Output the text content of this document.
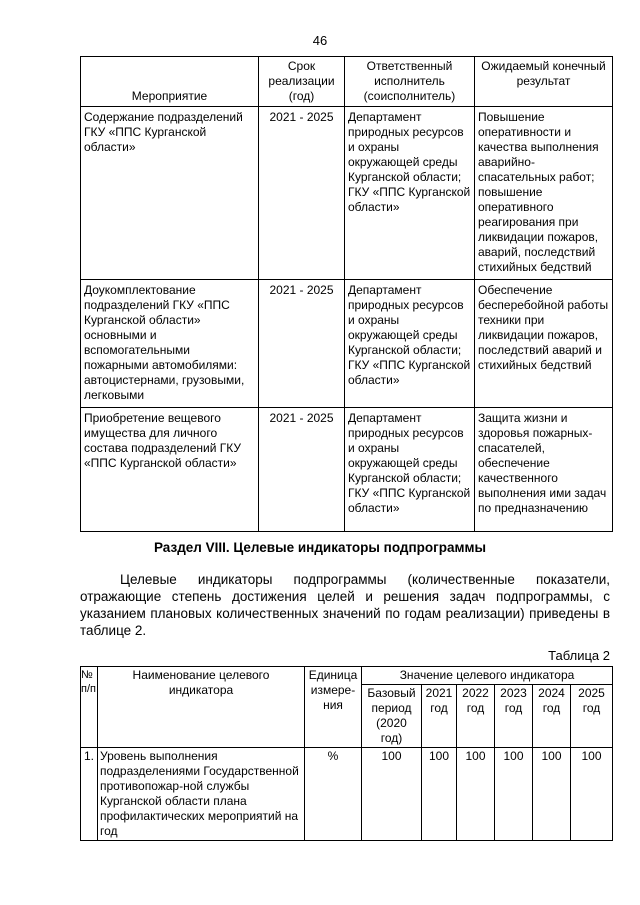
46
Мероприятие	Срок реализации (год)	Ответственный исполнитель (соисполнитель)	Ожидаемый конечный результат
Содержание подразделений ГКУ «ППС Курганской области»	2021 - 2025	Департамент природных ресурсов и охраны окружающей среды Курганской области; ГКУ «ППС Курганской области»	Повышение оперативности и качества выполнения аварийно-спасательных работ; повышение оперативного реагирования при ликвидации пожаров, аварий, последствий стихийных бедствий
Доукомплектование подразделений ГКУ «ППС Курганской области» основными и вспомогательными пожарными автомобилями: автоцистернами, грузовыми, легковыми	2021 - 2025	Департамент природных ресурсов и охраны окружающей среды Курганской области; ГКУ «ППС Курганской области»	Обеспечение бесперебойной работы техники при ликвидации пожаров, последствий аварий и стихийных бедствий
Приобретение вещевого имущества для личного состава подразделений ГКУ «ППС Курганской области»	2021 - 2025	Департамент природных ресурсов и охраны окружающей среды Курганской области; ГКУ «ППС Курганской области»	Защита жизни и здоровья пожарных-спасателей, обеспечение качественного выполнения ими задач по предназначению
Раздел VIII. Целевые индикаторы подпрограммы
Целевые индикаторы подпрограммы (количественные показатели,
отражающие степень достижения целей и решения задач подпрограммы, с указанием плановых количественных значений по годам реализации) приведены в таблице 2.
Таблица 2
№ п/п	Наименование целевого индикатора	Единица измере-ния	Значение целевого индикатора					
			Базовый период (2020 год)	2021 год	2022 год	2023 год	2024 год	2025 год
1.	Уровень выполнения подразделениями Государственной противопожар-ной службы Курганской области плана профилактических мероприятий на год	%	100	100	100	100	100	100
